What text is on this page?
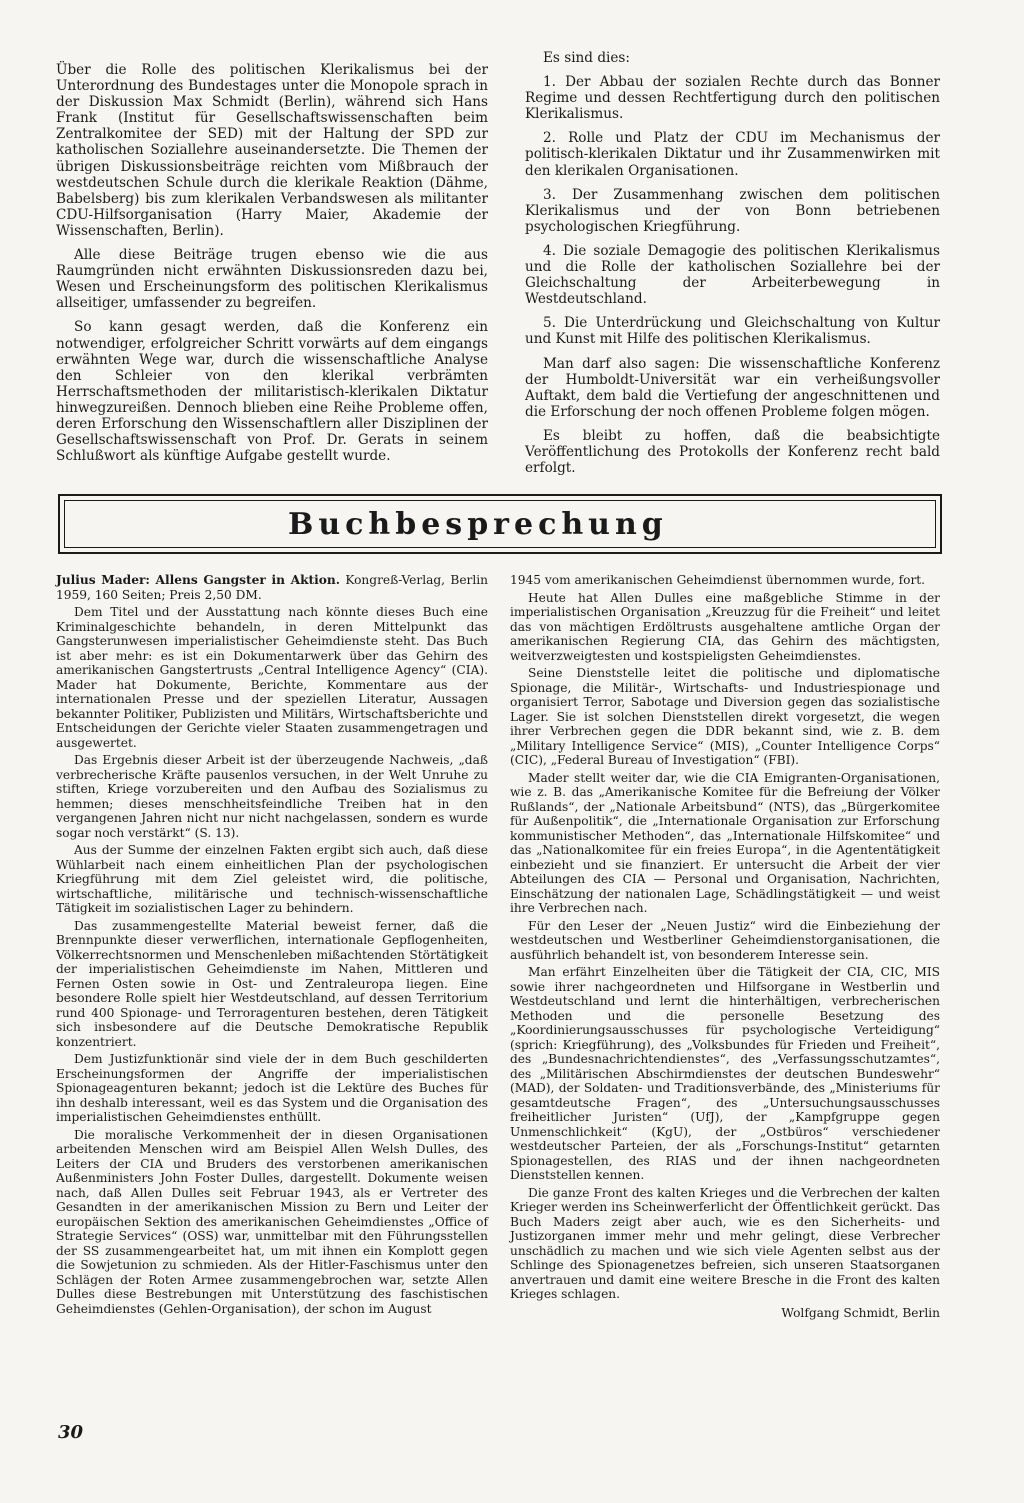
Über die Rolle des politischen Klerikalismus bei der Unterordnung des Bundestages unter die Monopole sprach in der Diskussion Max Schmidt (Berlin), während sich Hans Frank (Institut für Gesellschaftswissenschaften beim Zentralkomitee der SED) mit der Haltung der SPD zur katholischen Soziallehre auseinandersetzte. Die Themen der übrigen Diskussionsbeiträge reichten vom Mißbrauch der westdeutschen Schule durch die klerikale Reaktion (Dähme, Babelsberg) bis zum klerikalen Verbandswesen als militanter CDU-Hilfsorganisation (Harry Maier, Akademie der Wissenschaften, Berlin).

Alle diese Beiträge trugen ebenso wie die aus Raumgründen nicht erwähnten Diskussionsreden dazu bei, Wesen und Erscheinungsform des politischen Klerikalismus allseitiger, umfassender zu begreifen.

So kann gesagt werden, daß die Konferenz ein notwendiger, erfolgreicher Schritt vorwärts auf dem eingangs erwähnten Wege war, durch die wissenschaftliche Analyse den Schleier von den klerikal verbrämten Herrschaftsmethoden der militaristisch-klerikalen Diktatur hinwegzureißen. Dennoch blieben eine Reihe Probleme offen, deren Erforschung den Wissenschaftlern aller Disziplinen der Gesellschaftswissenschaft von Prof. Dr. Gerats in seinem Schlußwort als künftige Aufgabe gestellt wurde.

Es sind dies:

1. Der Abbau der sozialen Rechte durch das Bonner Regime und dessen Rechtfertigung durch den politischen Klerikalismus.

2. Rolle und Platz der CDU im Mechanismus der politisch-klerikalen Diktatur und ihr Zusammenwirken mit den klerikalen Organisationen.

3. Der Zusammenhang zwischen dem politischen Klerikalismus und der von Bonn betriebenen psychologischen Kriegführung.

4. Die soziale Demagogie des politischen Klerikalismus und die Rolle der katholischen Soziallehre bei der Gleichschaltung der Arbeiterbewegung in Westdeutschland.

5. Die Unterdrückung und Gleichschaltung von Kultur und Kunst mit Hilfe des politischen Klerikalismus.

Man darf also sagen: Die wissenschaftliche Konferenz der Humboldt-Universität war ein verheißungsvoller Auftakt, dem bald die Vertiefung der angeschnittenen und die Erforschung der noch offenen Probleme folgen mögen.

Es bleibt zu hoffen, daß die beabsichtigte Veröffentlichung des Protokolls der Konferenz recht bald erfolgt.

Buchbesprechung

Julius Mader: Allens Gangster in Aktion. Kongreß-Verlag, Berlin 1959, 160 Seiten; Preis 2,50 DM.

Dem Titel und der Ausstattung nach könnte dieses Buch eine Kriminalgeschichte behandeln, in deren Mittelpunkt das Gangsterunwesen imperialistischer Geheimdienste steht. Das Buch ist aber mehr: es ist ein Dokumentarwerk über das Gehirn des amerikanischen Gangstertrusts „Central Intelligence Agency“ (CIA). Mader hat Dokumente, Berichte, Kommentare aus der internationalen Presse und der speziellen Literatur, Aussagen bekannter Politiker, Publizisten und Militärs, Wirtschaftsberichte und Entscheidungen der Gerichte vieler Staaten zusammengetragen und ausgewertet.

Das Ergebnis dieser Arbeit ist der überzeugende Nachweis, „daß verbrecherische Kräfte pausenlos versuchen, in der Welt Unruhe zu stiften, Kriege vorzubereiten und den Aufbau des Sozialismus zu hemmen; dieses menschheitsfeindliche Treiben hat in den vergangenen Jahren nicht nur nicht nachgelassen, sondern es wurde sogar noch verstärkt“ (S. 13).

Aus der Summe der einzelnen Fakten ergibt sich auch, daß diese Wühlarbeit nach einem einheitlichen Plan der psychologischen Kriegführung mit dem Ziel geleistet wird, die politische, wirtschaftliche, militärische und technisch-wissenschaftliche Tätigkeit im sozialistischen Lager zu behindern.

Das zusammengestellte Material beweist ferner, daß die Brennpunkte dieser verwerflichen, internationale Gepflogenheiten, Völkerrechtsnormen und Menschenleben mißachtenden Störtätigkeit der imperialistischen Geheimdienste im Nahen, Mittleren und Fernen Osten sowie in Ost- und Zentraleuropa liegen. Eine besondere Rolle spielt hier Westdeutschland, auf dessen Territorium rund 400 Spionage- und Terroragenturen bestehen, deren Tätigkeit sich insbesondere auf die Deutsche Demokratische Republik konzentriert.

Dem Justizfunktionär sind viele der in dem Buch geschilderten Erscheinungsformen der Angriffe der imperialistischen Spionageagenturen bekannt; jedoch ist die Lektüre des Buches für ihn deshalb interessant, weil es das System und die Organisation des imperialistischen Geheimdienstes enthüllt.

Die moralische Verkommenheit der in diesen Organisationen arbeitenden Menschen wird am Beispiel Allen Welsh Dulles, des Leiters der CIA und Bruders des verstorbenen amerikanischen Außenministers John Foster Dulles, dargestellt. Dokumente weisen nach, daß Allen Dulles seit Februar 1943, als er Vertreter des Gesandten in der amerikanischen Mission zu Bern und Leiter der europäischen Sektion des amerikanischen Geheimdienstes „Office of Strategie Services“ (OSS) war, unmittelbar mit den Führungsstellen der SS zusammengearbeitet hat, um mit ihnen ein Komplott gegen die Sowjetunion zu schmieden. Als der Hitler-Faschismus unter den Schlägen der Roten Armee zusammengebrochen war, setzte Allen Dulles diese Bestrebungen mit Unterstützung des faschistischen Geheimdienstes (Gehlen-Organisation), der schon im August

1945 vom amerikanischen Geheimdienst übernommen wurde, fort.

Heute hat Allen Dulles eine maßgebliche Stimme in der imperialistischen Organisation „Kreuzzug für die Freiheit“ und leitet das von mächtigen Erdöltrusts ausgehaltene amtliche Organ der amerikanischen Regierung CIA, das Gehirn des mächtigsten, weitverzweigtesten und kostspieligsten Geheimdienstes.

Seine Dienststelle leitet die politische und diplomatische Spionage, die Militär-, Wirtschafts- und Industriespionage und organisiert Terror, Sabotage und Diversion gegen das sozialistische Lager. Sie ist solchen Dienststellen direkt vorgesetzt, die wegen ihrer Verbrechen gegen die DDR bekannt sind, wie z. B. dem „Military Intelligence Service“ (MIS), „Counter Intelligence Corps“ (CIC), „Federal Bureau of Investigation“ (FBI).

Mader stellt weiter dar, wie die CIA Emigranten-Organisationen, wie z. B. das „Amerikanische Komitee für die Befreiung der Völker Rußlands“, der „Nationale Arbeitsbund“ (NTS), das „Bürgerkomitee für Außenpolitik“, die „Internationale Organisation zur Erforschung kommunistischer Methoden“, das „Internationale Hilfskomitee“ und das „Nationalkomitee für ein freies Europa“, in die Agententätigkeit einbezieht und sie finanziert. Er untersucht die Arbeit der vier Abteilungen des CIA — Personal und Organisation, Nachrichten, Einschätzung der nationalen Lage, Schädlingstätigkeit — und weist ihre Verbrechen nach.

Für den Leser der „Neuen Justiz“ wird die Einbeziehung der westdeutschen und Westberliner Geheimdienstorganisationen, die ausführlich behandelt ist, von besonderem Interesse sein.

Man erfährt Einzelheiten über die Tätigkeit der CIA, CIC, MIS sowie ihrer nachgeordneten und Hilfsorgane in Westberlin und Westdeutschland und lernt die hinterhältigen, verbrecherischen Methoden und die personelle Besetzung des „Koordinierungsausschusses für psychologische Verteidigung“ (sprich: Kriegführung), des „Volksbundes für Frieden und Freiheit“, des „Bundesnachrichtendienstes“, des „Verfassungsschutzamtes“, des „Militärischen Abschirmdienstes der deutschen Bundeswehr“ (MAD), der Soldaten- und Traditionsverbände, des „Ministeriums für gesamtdeutsche Fragen“, des „Untersuchungsausschusses freiheitlicher Juristen“ (UfJ), der „Kampfgruppe gegen Unmenschlichkeit“ (KgU), der „Ostbüros“ verschiedener westdeutscher Parteien, der als „Forschungs-Institut“ getarnten Spionagestellen, des RIAS und der ihnen nachgeordneten Dienststellen kennen.

Die ganze Front des kalten Krieges und die Verbrechen der kalten Krieger werden ins Scheinwerferlicht der Öffentlichkeit gerückt. Das Buch Maders zeigt aber auch, wie es den Sicherheits- und Justizorganen immer mehr und mehr gelingt, diese Verbrecher unschädlich zu machen und wie sich viele Agenten selbst aus der Schlinge des Spionagenetzes befreien, sich unseren Staatsorganen anvertrauen und damit eine weitere Bresche in die Front des kalten Krieges schlagen.

Wolfgang Schmidt, Berlin

30
